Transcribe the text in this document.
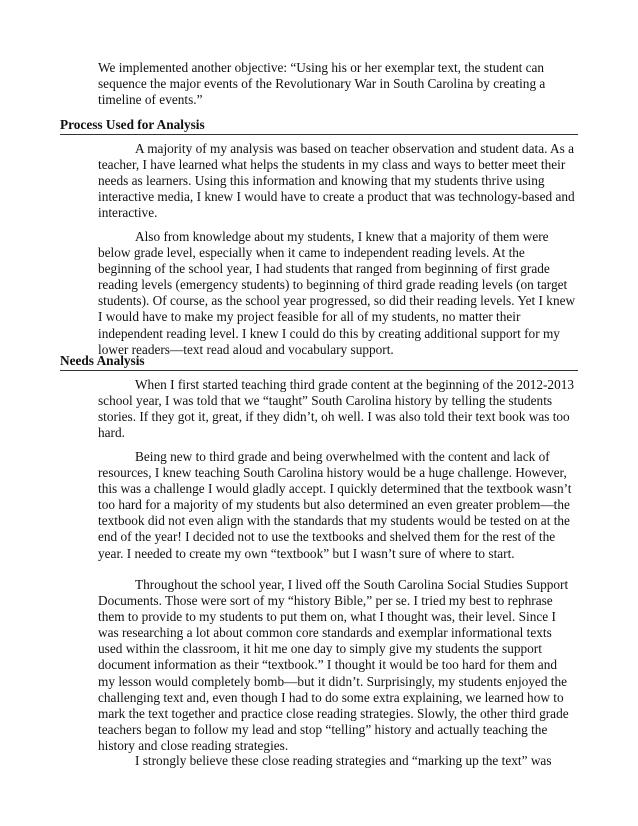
We implemented another objective: “Using his or her exemplar text, the student can sequence the major events of the Revolutionary War in South Carolina by creating a timeline of events.”

Process Used for Analysis

A majority of my analysis was based on teacher observation and student data. As a teacher, I have learned what helps the students in my class and ways to better meet their needs as learners. Using this information and knowing that my students thrive using interactive media, I knew I would have to create a product that was technology-based and interactive.

Also from knowledge about my students, I knew that a majority of them were below grade level, especially when it came to independent reading levels. At the beginning of the school year, I had students that ranged from beginning of first grade reading levels (emergency students) to beginning of third grade reading levels (on target students). Of course, as the school year progressed, so did their reading levels. Yet I knew I would have to make my project feasible for all of my students, no matter their independent reading level. I knew I could do this by creating additional support for my lower readers—text read aloud and vocabulary support.

Needs Analysis

When I first started teaching third grade content at the beginning of the 2012-2013 school year, I was told that we “taught” South Carolina history by telling the students stories. If they got it, great, if they didn’t, oh well. I was also told their text book was too hard.

Being new to third grade and being overwhelmed with the content and lack of resources, I knew teaching South Carolina history would be a huge challenge. However, this was a challenge I would gladly accept. I quickly determined that the textbook wasn’t too hard for a majority of my students but also determined an even greater problem—the textbook did not even align with the standards that my students would be tested on at the end of the year! I decided not to use the textbooks and shelved them for the rest of the year. I needed to create my own “textbook” but I wasn’t sure of where to start.

Throughout the school year, I lived off the South Carolina Social Studies Support Documents. Those were sort of my “history Bible,” per se. I tried my best to rephrase them to provide to my students to put them on, what I thought was, their level. Since I was researching a lot about common core standards and exemplar informational texts used within the classroom, it hit me one day to simply give my students the support document information as their “textbook.” I thought it would be too hard for them and my lesson would completely bomb—but it didn’t. Surprisingly, my students enjoyed the challenging text and, even though I had to do some extra explaining, we learned how to mark the text together and practice close reading strategies. Slowly, the other third grade teachers began to follow my lead and stop “telling” history and actually teaching the history and close reading strategies.

I strongly believe these close reading strategies and “marking up the text” was
